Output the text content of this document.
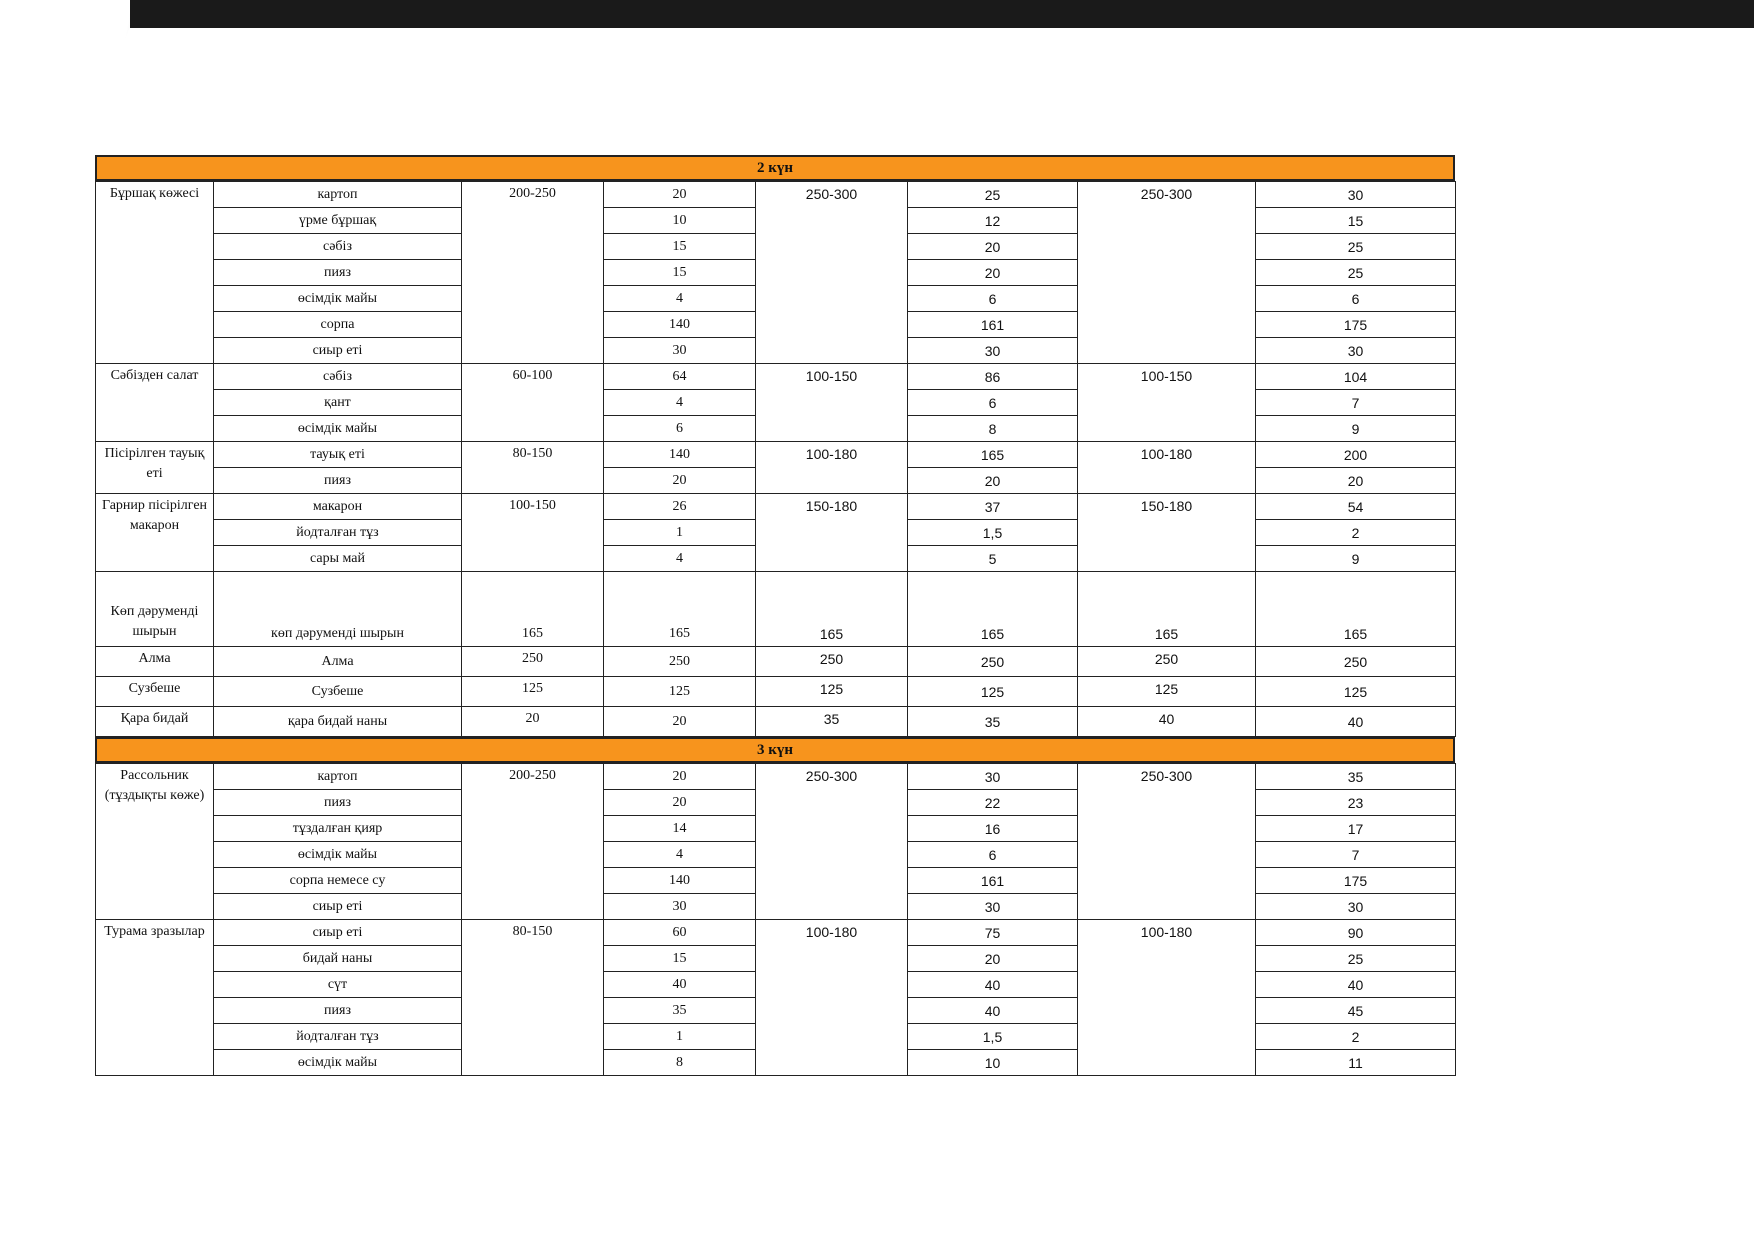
2 күн
Бұршақ көжесі	картоп	200-250	20	250-300	25	250-300	30
	үрме бұршақ		10		12		15
	сәбіз		15		20		25
	пияз		15		20		25
	өсімдік майы		4		6		6
	сорпа		140		161		175
	сиыр еті		30		30		30
Сәбізден салат	сәбіз	60-100	64	100-150	86	100-150	104
	қант		4		6		7
	өсімдік майы		6		8		9
Пісірілген тауық еті	тауық еті	80-150	140	100-180	165	100-180	200
	пияз		20		20		20
Гарнир пісірілген макарон	макарон	100-150	26	150-180	37	150-180	54
	йодталған тұз		1		1,5		2
	сары май		4		5		9
Көп дәруменді шырын	көп дәруменді шырын	165	165	165	165	165	165
Алма	Алма	250	250	250	250	250	250
Сузбеше	Сузбеше	125	125	125	125	125	125
Қара бидай	қара бидай наны	20	20	35	35	40	40
3 күн
Рассольник (тұздықты көже)	картоп	200-250	20	250-300	30	250-300	35
	пияз		20		22		23
	тұздалған қияр		14		16		17
	өсімдік майы		4		6		7
	сорпа немесе су		140		161		175
	сиыр еті		30		30		30
Турама зразылар	сиыр еті	80-150	60	100-180	75	100-180	90
	бидай наны		15		20		25
	сүт		40		40		40
	пияз		35		40		45
	йодталған тұз		1		1,5		2
	өсімдік майы		8		10		11
